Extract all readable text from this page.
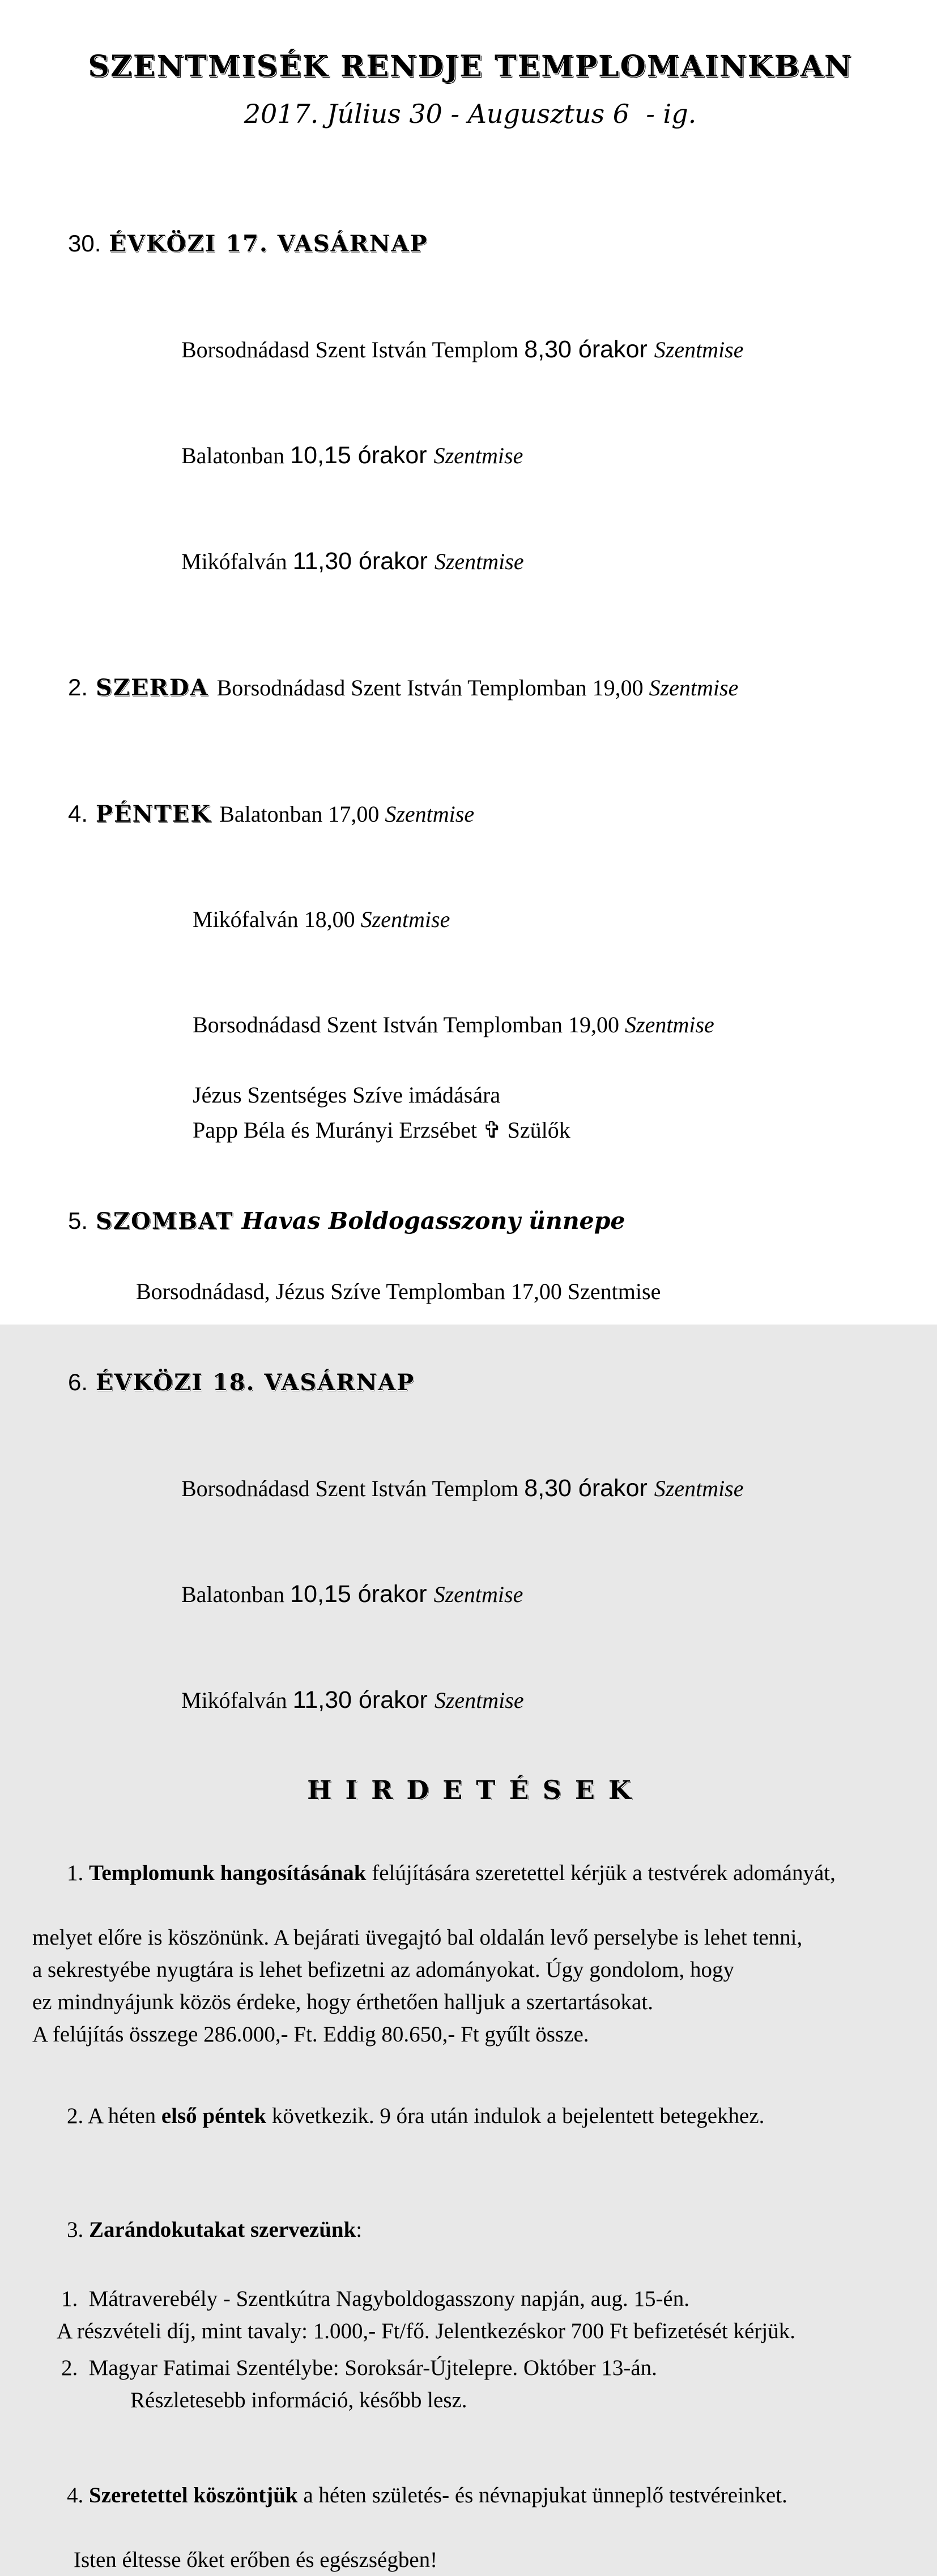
SZENTMISÉK RENDJE TEMPLOMAINKBAN
2017. Július 30 - Augusztus 6  - ig.

30. ÉVKÖZI 17. VASÁRNAP

Borsodnádasd Szent István Templom 8,30 órakor Szentmise

Balatonban 10,15 órakor Szentmise

Mikófalván 11,30 órakor Szentmise

2. SZERDA Borsodnádasd Szent István Templomban 19,00 Szentmise

4. PÉNTEK Balatonban 17,00 Szentmise

Mikófalván 18,00 Szentmise

Borsodnádasd Szent István Templomban 19,00 Szentmise

Jézus Szentséges Szíve imádására
Papp Béla és Murányi Erzsébet ✞ Szülők

5. SZOMBAT Havas Boldogasszony ünnepe

Borsodnádasd, Jézus Szíve Templomban 17,00 Szentmise

6. ÉVKÖZI 18. VASÁRNAP

Borsodnádasd Szent István Templom 8,30 órakor Szentmise

Balatonban 10,15 órakor Szentmise

Mikófalván 11,30 órakor Szentmise

H I R D E T É S E K

1. Templomunk hangosításának felújítására szeretettel kérjük a testvérek adományát,

melyet előre is köszönünk. A bejárati üvegajtó bal oldalán levő perselybe is lehet tenni,
a sekrestyébe nyugtára is lehet befizetni az adományokat. Úgy gondolom, hogy
ez mindnyájunk közös érdeke, hogy érthetően halljuk a szertartásokat.
A felújítás összege 286.000,- Ft. Eddig 80.650,- Ft gyűlt össze.

2. A héten első péntek következik. 9 óra után indulok a bejelentett betegekhez.

3. Zarándokutakat szervezünk:

1.  Mátraverebély - Szentkútra Nagyboldogasszony napján, aug. 15-én.
A részvételi díj, mint tavaly: 1.000,- Ft/fő. Jelentkezéskor 700 Ft befizetését kérjük.
2.  Magyar Fatimai Szentélybe: Soroksár-Újtelepre. Október 13-án.
Részletesebb információ, később lesz.

4. Szeretettel köszöntjük a héten születés- és névnapjukat ünneplő testvéreinket.

Isten éltesse őket erőben és egészségben!
